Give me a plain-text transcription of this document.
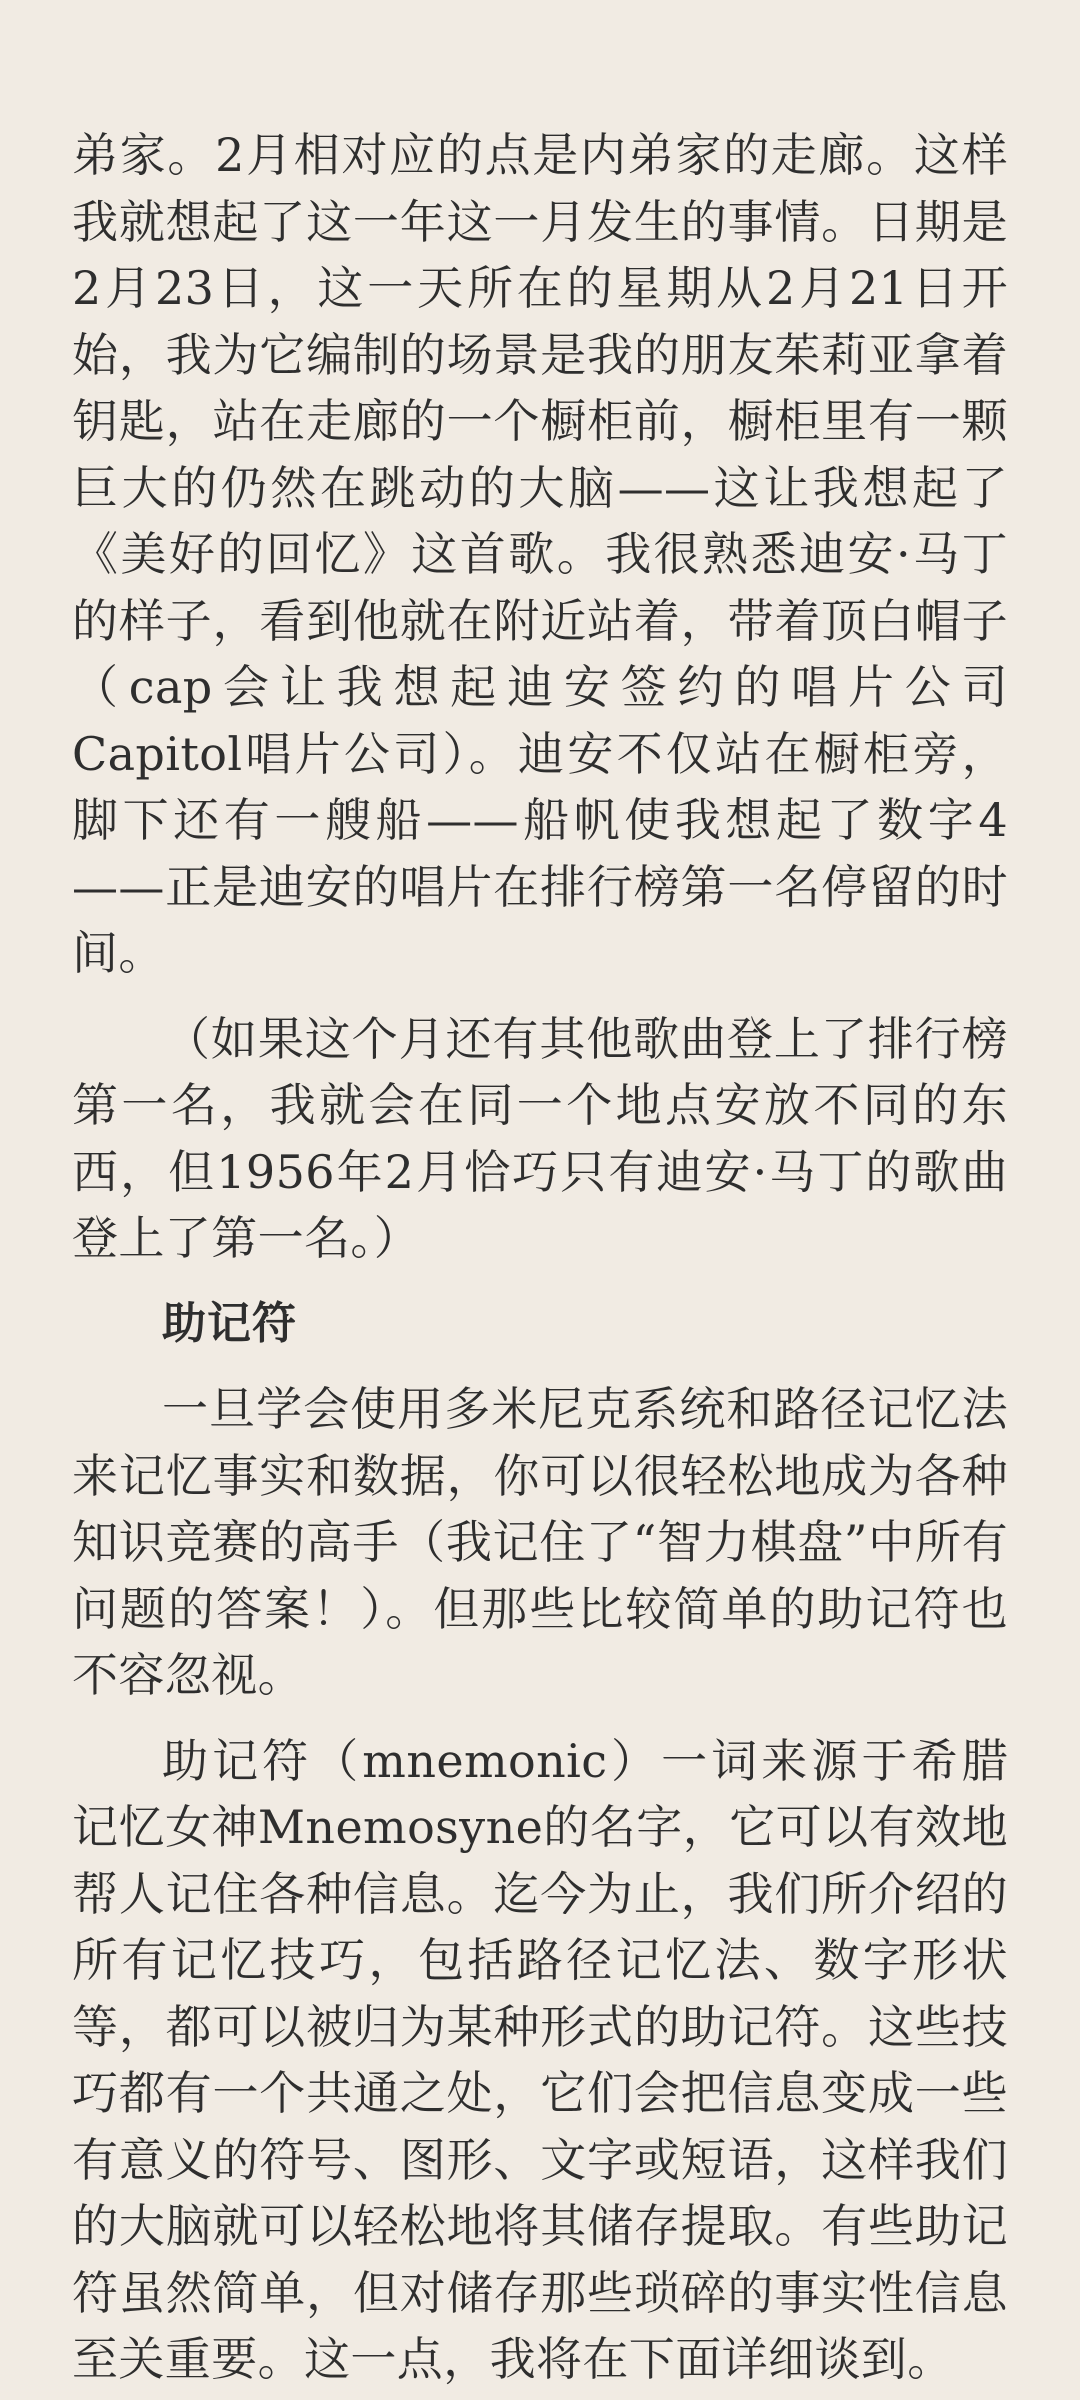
弟家。2月相对应的点是内弟家的走廊。这样我就想起了这一年这一月发生的事情。日期是2月23日，这一天所在的星期从2月21日开始，我为它编制的场景是我的朋友茱莉亚拿着钥匙，站在走廊的一个橱柜前，橱柜里有一颗巨大的仍然在跳动的大脑——这让我想起了《美好的回忆》这首歌。我很熟悉迪安·马丁的样子，看到他就在附近站着，带着顶白帽子（cap会让我想起迪安签约的唱片公司Capitol唱片公司）。迪安不仅站在橱柜旁，脚下还有一艘船——船帆使我想起了数字4——正是迪安的唱片在排行榜第一名停留的时间。

（如果这个月还有其他歌曲登上了排行榜第一名，我就会在同一个地点安放不同的东西，但1956年2月恰巧只有迪安·马丁的歌曲登上了第一名。）

助记符

一旦学会使用多米尼克系统和路径记忆法来记忆事实和数据，你可以很轻松地成为各种知识竞赛的高手（我记住了“智力棋盘”中所有问题的答案！）。但那些比较简单的助记符也不容忽视。

助记符（mnemonic）一词来源于希腊记忆女神Mnemosyne的名字，它可以有效地帮人记住各种信息。迄今为止，我们所介绍的所有记忆技巧，包括路径记忆法、数字形状等，都可以被归为某种形式的助记符。这些技巧都有一个共通之处，它们会把信息变成一些有意义的符号、图形、文字或短语，这样我们的大脑就可以轻松地将其储存提取。有些助记符虽然简单，但对储存那些琐碎的事实性信息至关重要。这一点，我将在下面详细谈到。
